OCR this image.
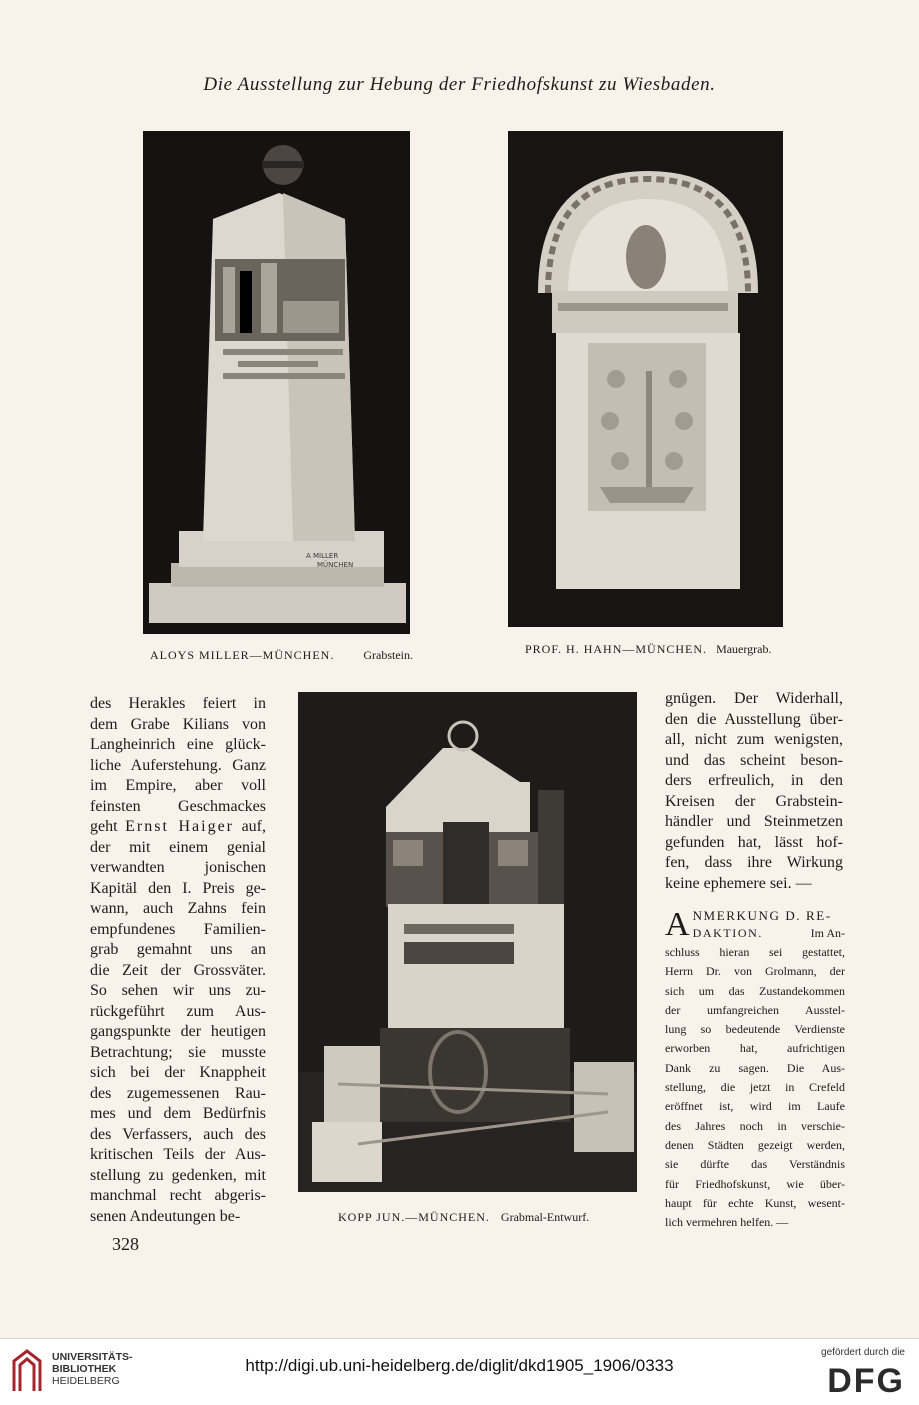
Die Ausstellung zur Hebung der Friedhofskunst zu Wiesbaden.
A MILLER
MÜNCHEN
ALOYS MILLER—MÜNCHEN. Grabstein.	PROF. H. HAHN—MÜNCHEN. Mauergrab.
KOPP JUN.—MÜNCHEN. Grabmal-Entwurf.
des Herakles feiert in
dem Grabe Kilians von
Langheinrich eine glück-
liche Auferstehung. Ganz
im Empire, aber voll
feinsten Geschmackes
geht Ernst Haiger auf,
der mit einem genial
verwandten jonischen
Kapitäl den I. Preis ge-
wann, auch Zahns fein
empfundenes Familien-
grab gemahnt uns an
die Zeit der Grossväter.
So sehen wir uns zu-
rückgeführt zum Aus-
gangspunkte der heutigen
Betrachtung; sie musste
sich bei der Knappheit
des zugemessenen Rau-
mes und dem Bedürfnis
des Verfassers, auch des
kritischen Teils der Aus-
stellung zu gedenken, mit
manchmal recht abgeris-
senen Andeutungen be-
gnügen. Der Widerhall,
den die Ausstellung über-
all, nicht zum wenigsten,
und das scheint beson-
ders erfreulich, in den
Kreisen der Grabstein-
händler und Steinmetzen
gefunden hat, lässt hof-
fen, dass ihre Wirkung
keine ephemere sei. —
A NMERKUNG D. RE-
DAKTION.	Im An-
schluss hieran sei gestattet,
Herrn Dr. von Grolmann, der
sich um das Zustandekommen
der umfangreichen Ausstel-
lung so bedeutende Verdienste
erworben hat, aufrichtigen
Dank zu sagen. Die Aus-
stellung, die jetzt in Crefeld
eröffnet ist, wird im Laufe
des Jahres noch in verschie-
denen Städten gezeigt werden,
sie dürfte das Verständnis
für Friedhofskunst, wie über-
haupt für echte Kunst, wesent-
lich vermehren helfen. —
328
UNIVERSITÄTS-
BIBLIOTHEK
HEIDELBERG
http://digi.ub.uni-heidelberg.de/diglit/dkd1905_1906/0333
gefördert durch die
DFG
